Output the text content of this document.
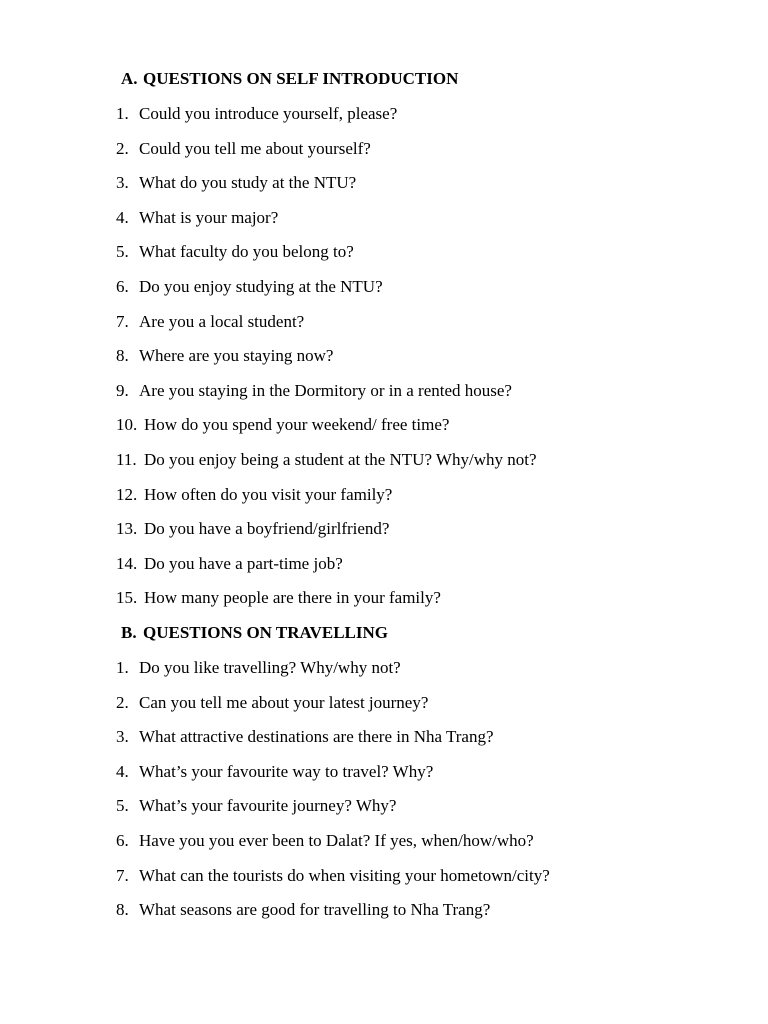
A. QUESTIONS ON SELF INTRODUCTION
1. Could you introduce yourself, please?
2. Could you tell me about yourself?
3. What do you study at the NTU?
4. What is your major?
5. What faculty do you belong to?
6. Do you enjoy studying at the NTU?
7. Are you a local student?
8. Where are you staying now?
9. Are you staying in the Dormitory or in a rented house?
10. How do you spend your weekend/ free time?
11. Do you enjoy being a student at the NTU? Why/why not?
12. How often do you visit your family?
13. Do you have a boyfriend/girlfriend?
14. Do you have a part-time job?
15. How many people are there in your family?
B. QUESTIONS ON TRAVELLING
1. Do you like travelling? Why/why not?
2. Can you tell me about your latest journey?
3. What attractive destinations are there in Nha Trang?
4. What’s your favourite way to travel? Why?
5. What’s your favourite journey? Why?
6. Have you you ever been to Dalat? If yes, when/how/who?
7. What can the tourists do when visiting your hometown/city?
8. What seasons are good for travelling to Nha Trang?
